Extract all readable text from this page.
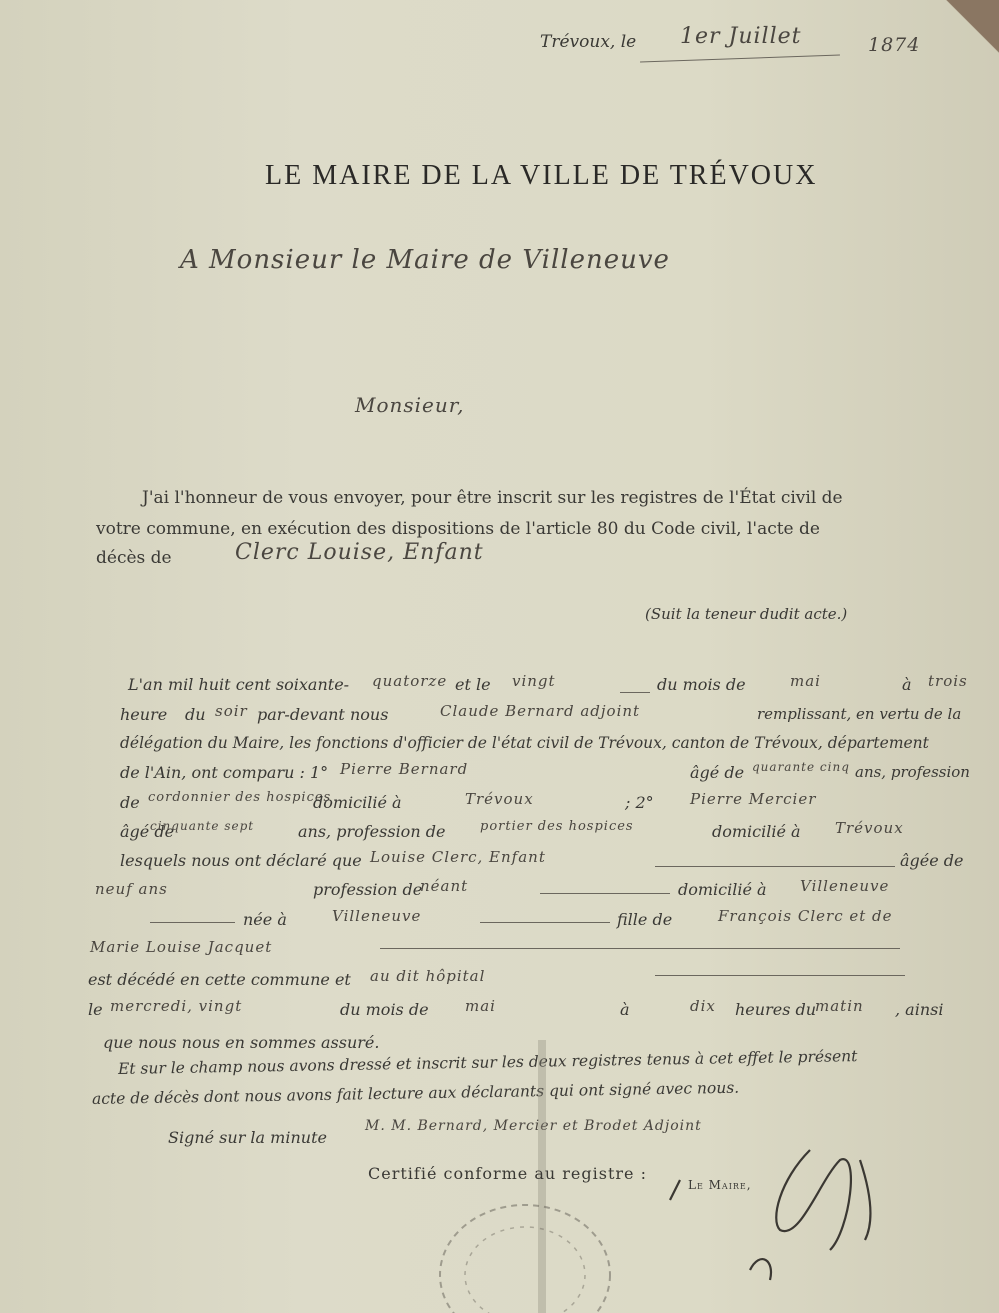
Trévoux, le 1er Juillet	1874
LE MAIRE DE LA VILLE DE TRÉVOUX
A Monsieur le Maire de Villeneuve
Monsieur,
J'ai l'honneur de vous envoyer, pour être inscrit sur les registres de l'État civil de
votre commune, en exécution des dispositions de l'article 80 du Code civil, l'acte de
décès de	Clerc Louise, Enfant
(Suit la teneur dudit acte.)
L'an mil huit cent soixante- quatorze et le vingt	du mois de	mai	à trois
heure du soir par-devant nous	Claude Bernard adjoint	remplissant, en vertu de la
délégation du Maire, les fonctions d'officier de l'état civil de Trévoux, canton de Trévoux, département
de l'Ain, ont comparu : 1° Pierre Bernard	âgé de quarante cinq ans, profession
de cordonnier des hospices
domicilié à	Trévoux	; 2° Pierre Mercier
âgé de
cinquante sept	ans, profession de	portier des hospices	domicilié à Trévoux
lesquels nous ont déclaré que Louise Clerc, Enfant	âgée de
neuf ans	profession de
néant	domicilié à Villeneuve
née à	Villeneuve	fille de	François Clerc et de
Marie Louise Jacquet
est décédé en cette commune et au dit hôpital
le mercredi, vingt	du mois de mai	à	dix heures du
matin , ainsi
que nous nous en sommes assuré.
Et sur le champ nous avons dressé et inscrit sur les deux registres tenus à cet effet le présent
acte de décès dont nous avons fait lecture aux déclarants qui ont signé avec nous.
Signé sur la minute
M. M. Bernard, Mercier et Brodet Adjoint
Certifié conforme au registre :
Le Maire,
